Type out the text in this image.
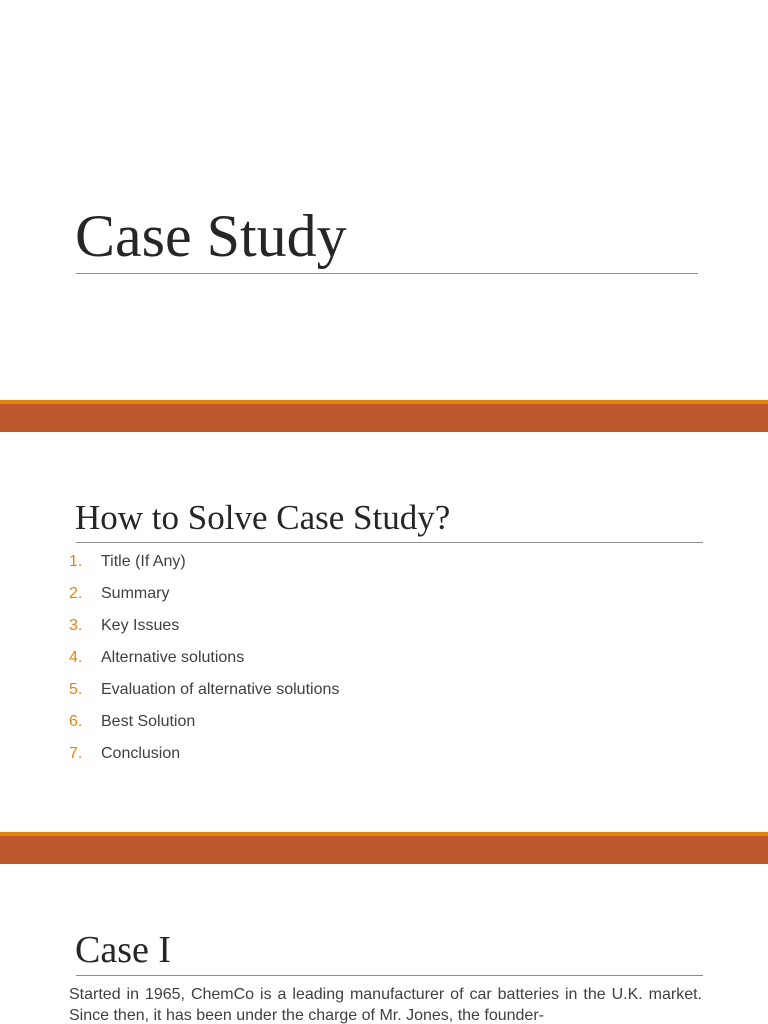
Case Study
How to Solve Case Study?
1. Title (If Any)
2. Summary
3. Key Issues
4. Alternative solutions
5. Evaluation of alternative solutions
6. Best Solution
7. Conclusion
Case I

Started in 1965, ChemCo is a leading manufacturer of car batteries in the U.K. market. Since then, it has been under the charge of Mr. Jones, the founder-
